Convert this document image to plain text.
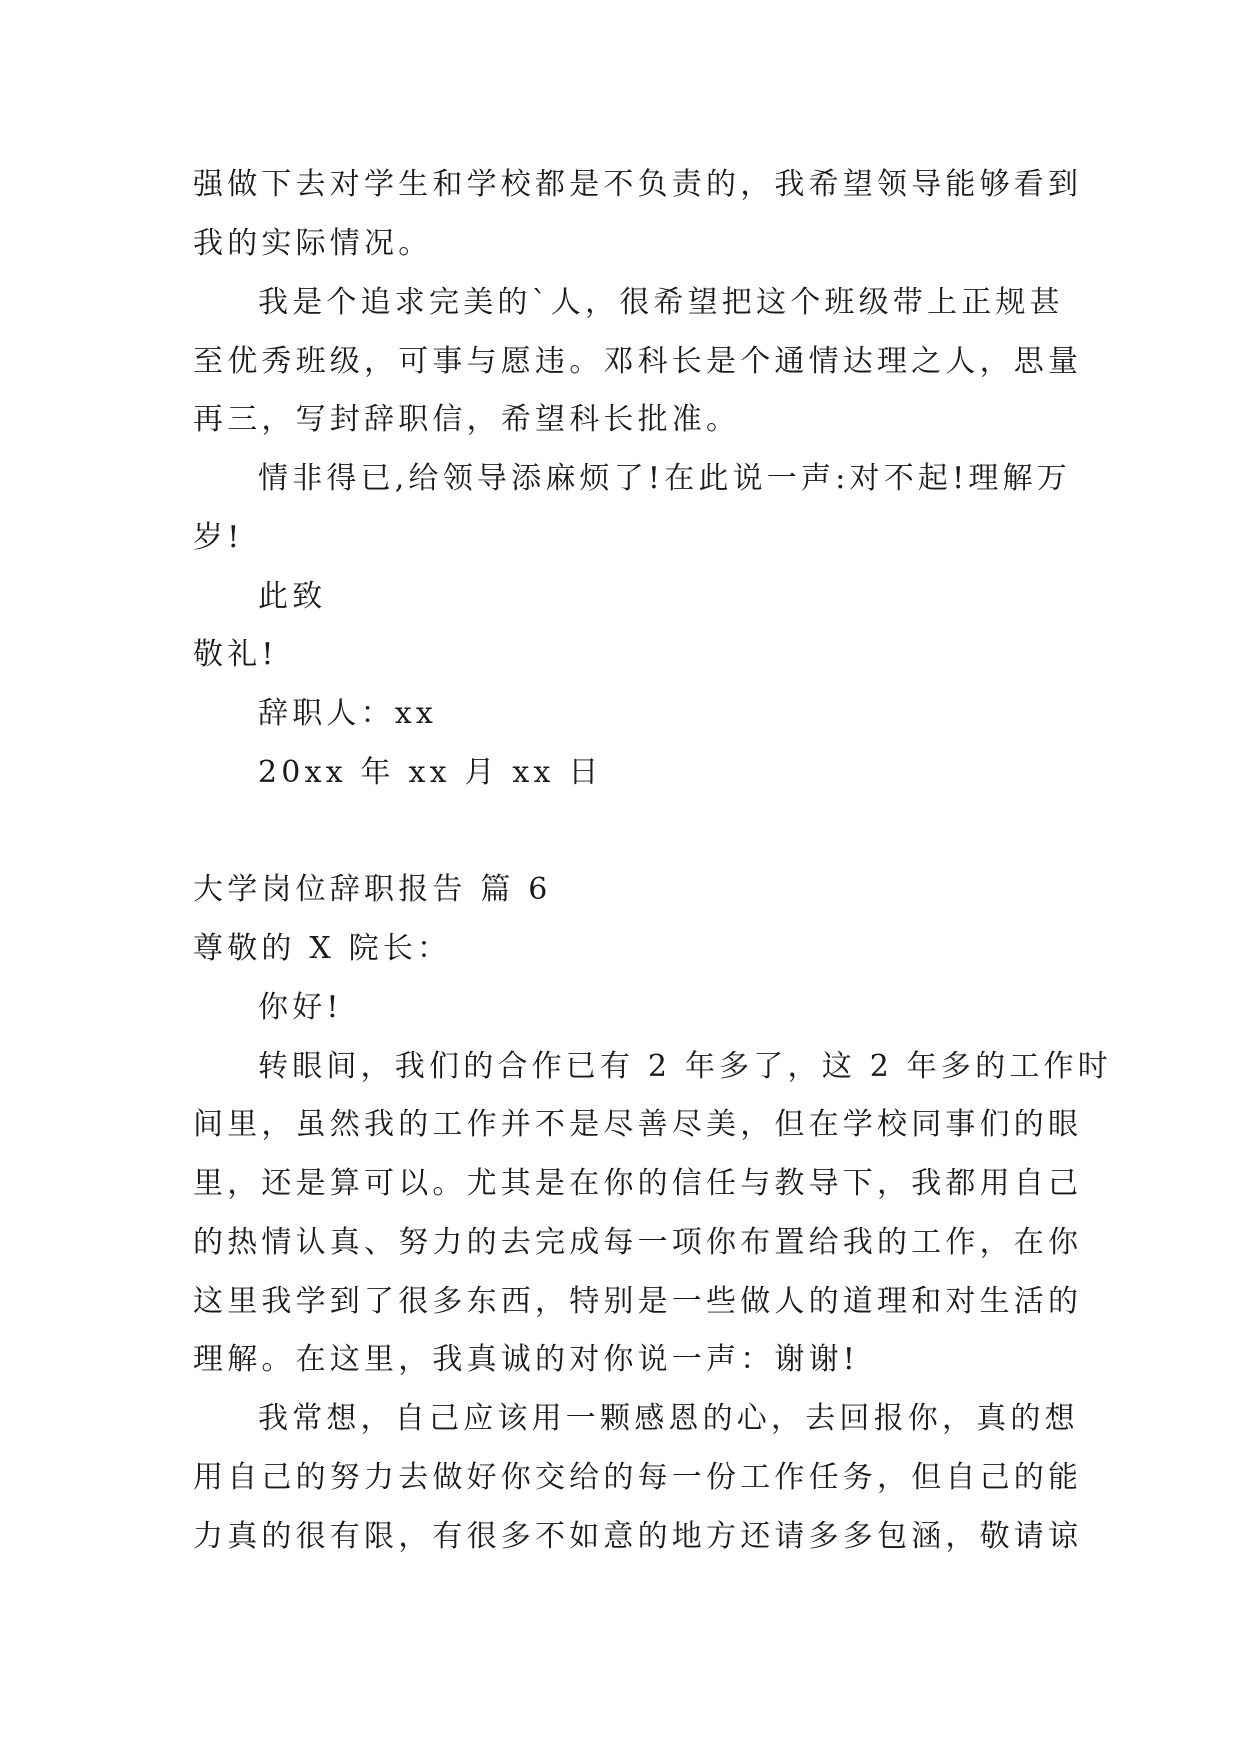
强做下去对学生和学校都是不负责的，我希望领导能够看到
我的实际情况。
我是个追求完美的`人，很希望把这个班级带上正规甚
至优秀班级，可事与愿违。邓科长是个通情达理之人，思量
再三，写封辞职信，希望科长批准。
情非得已,给领导添麻烦了!在此说一声:对不起!理解万
岁!
此致
敬礼!
辞职人：xx
20xx 年 xx 月 xx 日
大学岗位辞职报告 篇 6
尊敬的 X 院长：
你好!
转眼间，我们的合作已有 2 年多了，这 2 年多的工作时
间里，虽然我的工作并不是尽善尽美，但在学校同事们的眼
里，还是算可以。尤其是在你的信任与教导下，我都用自己
的热情认真、努力的去完成每一项你布置给我的工作，在你
这里我学到了很多东西，特别是一些做人的道理和对生活的
理解。在这里，我真诚的对你说一声：谢谢!
我常想，自己应该用一颗感恩的心，去回报你，真的想
用自己的努力去做好你交给的每一份工作任务，但自己的能
力真的很有限，有很多不如意的地方还请多多包涵，敬请谅
